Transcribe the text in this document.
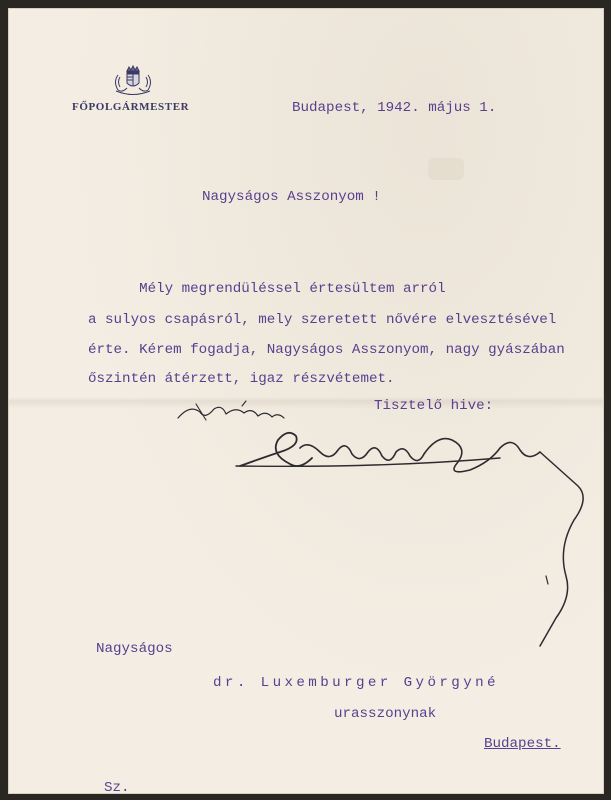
FŐPOLGÁRMESTER	Budapest, 1942. május 1.
Nagyságos Asszonyom !
Mély megrendüléssel értesültem arról
a sulyos csapásról, mely szeretett nővére elvesztésével
érte. Kérem fogadja, Nagyságos Asszonyom, nagy gyászában
őszintén átérzett, igaz részvétemet.
Tisztelő hive:
Nagyságos
dr. Luxemburger Györgyné
urasszonynak
Budapest.
Sz.
